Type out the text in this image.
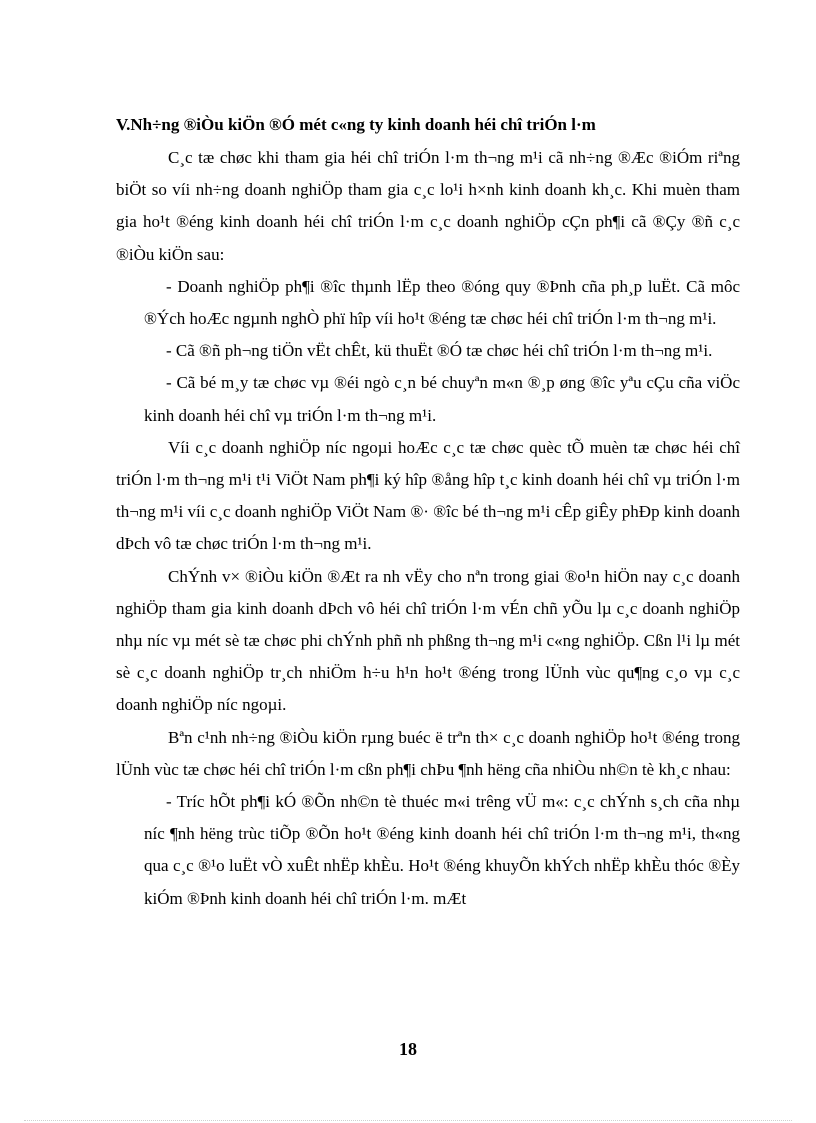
V.Nh÷ng ®iÒu kiÖn ®Ó mét c«ng ty kinh doanh héi chî triÓn l·m

C¸c tæ chøc khi tham gia héi chî triÓn l·m th¬ng m¹i cã nh÷ng ®Æc ®iÓm riªng biÖt so víi nh÷ng doanh nghiÖp tham gia c¸c lo¹i h×nh kinh doanh kh¸c. Khi muèn tham gia ho¹t ®éng kinh doanh héi chî triÓn l·m c¸c doanh nghiÖp cÇn ph¶i cã ®Çy ®ñ c¸c ®iÒu kiÖn sau:

- Doanh nghiÖp ph¶i ®îc thµnh lËp theo ®óng quy ®Þnh cña ph¸p luËt. Cã môc ®Ých hoÆc ngµnh nghÒ phï hîp víi ho¹t ®éng tæ chøc héi chî triÓn l·m th¬ng m¹i.

- Cã ®ñ ph¬ng tiÖn vËt chÊt, kü thuËt ®Ó tæ chøc héi chî triÓn l·m th¬ng m¹i.

- Cã bé m¸y tæ chøc vµ ®éi ngò c¸n bé chuyªn m«n ®¸p øng ®îc yªu cÇu cña viÖc kinh doanh héi chî vµ triÓn l·m th¬ng m¹i.

Víi c¸c doanh nghiÖp níc ngoµi hoÆc c¸c tæ chøc quèc tÕ muèn tæ chøc héi chî triÓn l·m th¬ng m¹i t¹i ViÖt Nam ph¶i ký hîp ®ång hîp t¸c kinh doanh héi chî vµ triÓn l·m th¬ng m¹i víi c¸c doanh nghiÖp ViÖt Nam ®· ®îc bé th¬ng m¹i cÊp giÊy phÐp kinh doanh dÞch vô tæ chøc triÓn l·m th¬ng m¹i.

ChÝnh v× ®iÒu kiÖn ®Æt ra nh vËy cho nªn trong giai ®o¹n hiÖn nay c¸c doanh nghiÖp tham gia kinh doanh dÞch vô héi chî triÓn l·m vÉn chñ yÕu lµ c¸c doanh nghiÖp nhµ níc vµ mét sè tæ chøc phi chÝnh phñ nh phßng th¬ng m¹i c«ng nghiÖp. Cßn l¹i lµ mét sè c¸c doanh nghiÖp tr¸ch nhiÖm h÷u h¹n ho¹t ®éng trong lÜnh vùc qu¶ng c¸o vµ c¸c doanh nghiÖp níc ngoµi.

Bªn c¹nh nh÷ng ®iÒu kiÖn rµng buéc ë trªn th× c¸c doanh nghiÖp ho¹t ®éng trong lÜnh vùc tæ chøc héi chî triÓn l·m cßn ph¶i chÞu ¶nh hëng cña nhiÒu nh©n tè kh¸c nhau:

- Tríc hÕt ph¶i kÓ ®Õn nh©n tè thuéc m«i trêng vÜ m«: c¸c chÝnh s¸ch cña nhµ níc ¶nh hëng trùc tiÕp ®Õn ho¹t ®éng kinh doanh héi chî triÓn l·m th¬ng m¹i, th«ng qua c¸c ®¹o luËt vÒ xuÊt nhËp khÈu. Ho¹t ®éng khuyÕn khÝch nhËp khÈu thóc ®Èy kiÓm ®Þnh kinh doanh héi chî triÓn l·m. mÆt

18
